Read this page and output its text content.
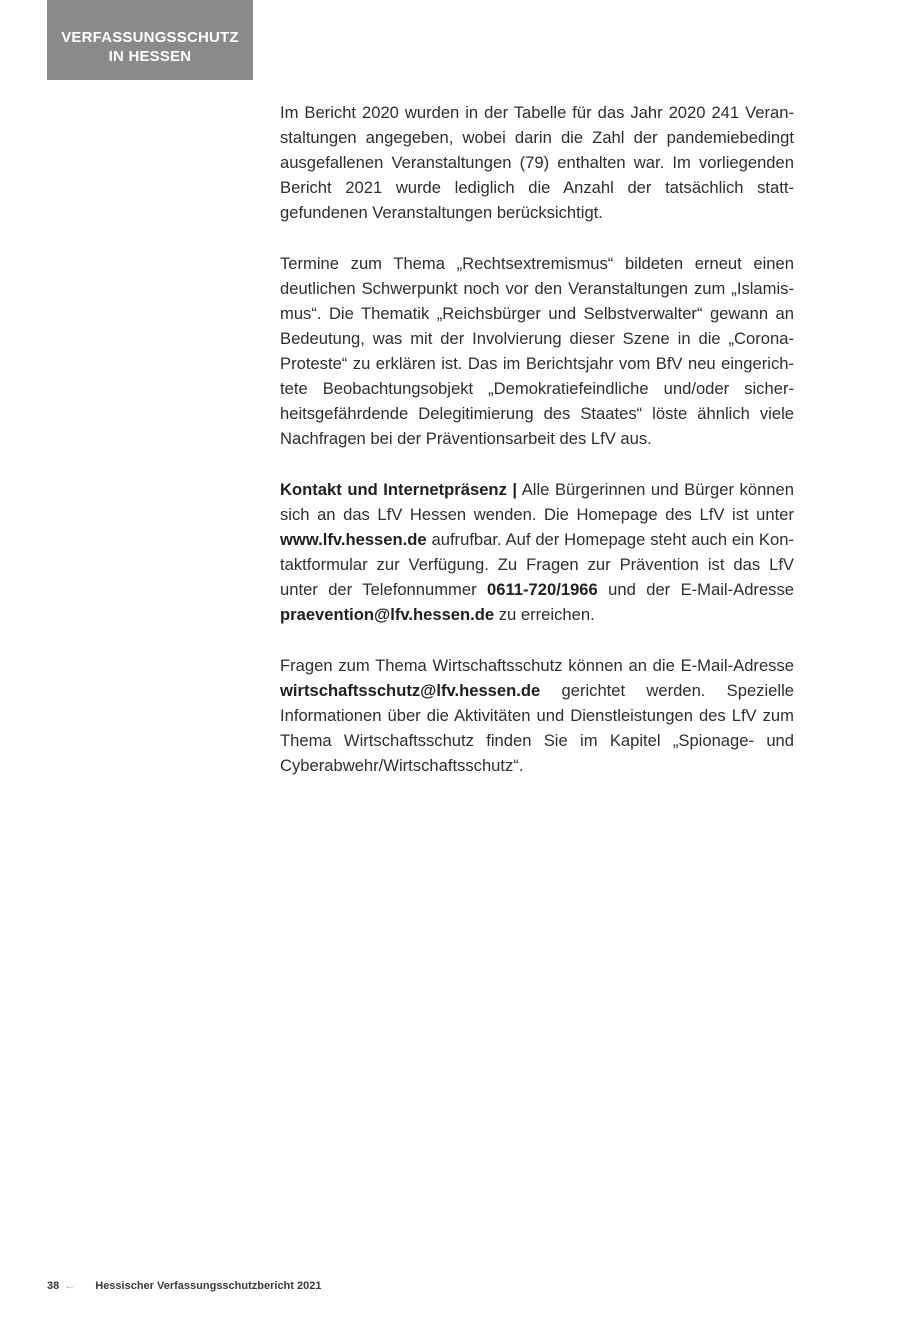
VERFASSUNGSSCHUTZ
IN HESSEN

Im Bericht 2020 wurden in der Tabelle für das Jahr 2020 241 Veranstaltungen angegeben, wobei darin die Zahl der pandemiebedingt ausgefallenen Veranstaltungen (79) enthalten war. Im vorliegenden Bericht 2021 wurde lediglich die Anzahl der tatsächlich stattgefundenen Veranstaltungen berücksichtigt.

Termine zum Thema „Rechtsextremismus“ bildeten erneut einen deutlichen Schwerpunkt noch vor den Veranstaltungen zum „Islamismus“. Die Thematik „Reichsbürger und Selbstverwalter“ gewann an Bedeutung, was mit der Involvierung dieser Szene in die „Corona-Proteste“ zu erklären ist. Das im Berichtsjahr vom BfV neu eingerichtete Beobachtungsobjekt „Demokratiefeindliche und/oder sicherheitsgefährdende Delegitimierung des Staates“ löste ähnlich viele Nachfragen bei der Präventionsarbeit des LfV aus.

Kontakt und Internetpräsenz | Alle Bürgerinnen und Bürger können sich an das LfV Hessen wenden. Die Homepage des LfV ist unter www.lfv.hessen.de aufrufbar. Auf der Homepage steht auch ein Kontaktformular zur Verfügung. Zu Fragen zur Prävention ist das LfV unter der Telefonnummer 0611-720/1966 und der E-Mail-Adresse praevention@lfv.hessen.de zu erreichen.

Fragen zum Thema Wirtschaftsschutz können an die E-Mail-Adresse wirtschaftsschutz@lfv.hessen.de gerichtet werden. Spezielle Informationen über die Aktivitäten und Dienstleistungen des LfV zum Thema Wirtschaftsschutz finden Sie im Kapitel „Spionage- und Cyberabwehr/Wirtschaftsschutz“.

38 ← Hessischer Verfassungsschutzbericht 2021
